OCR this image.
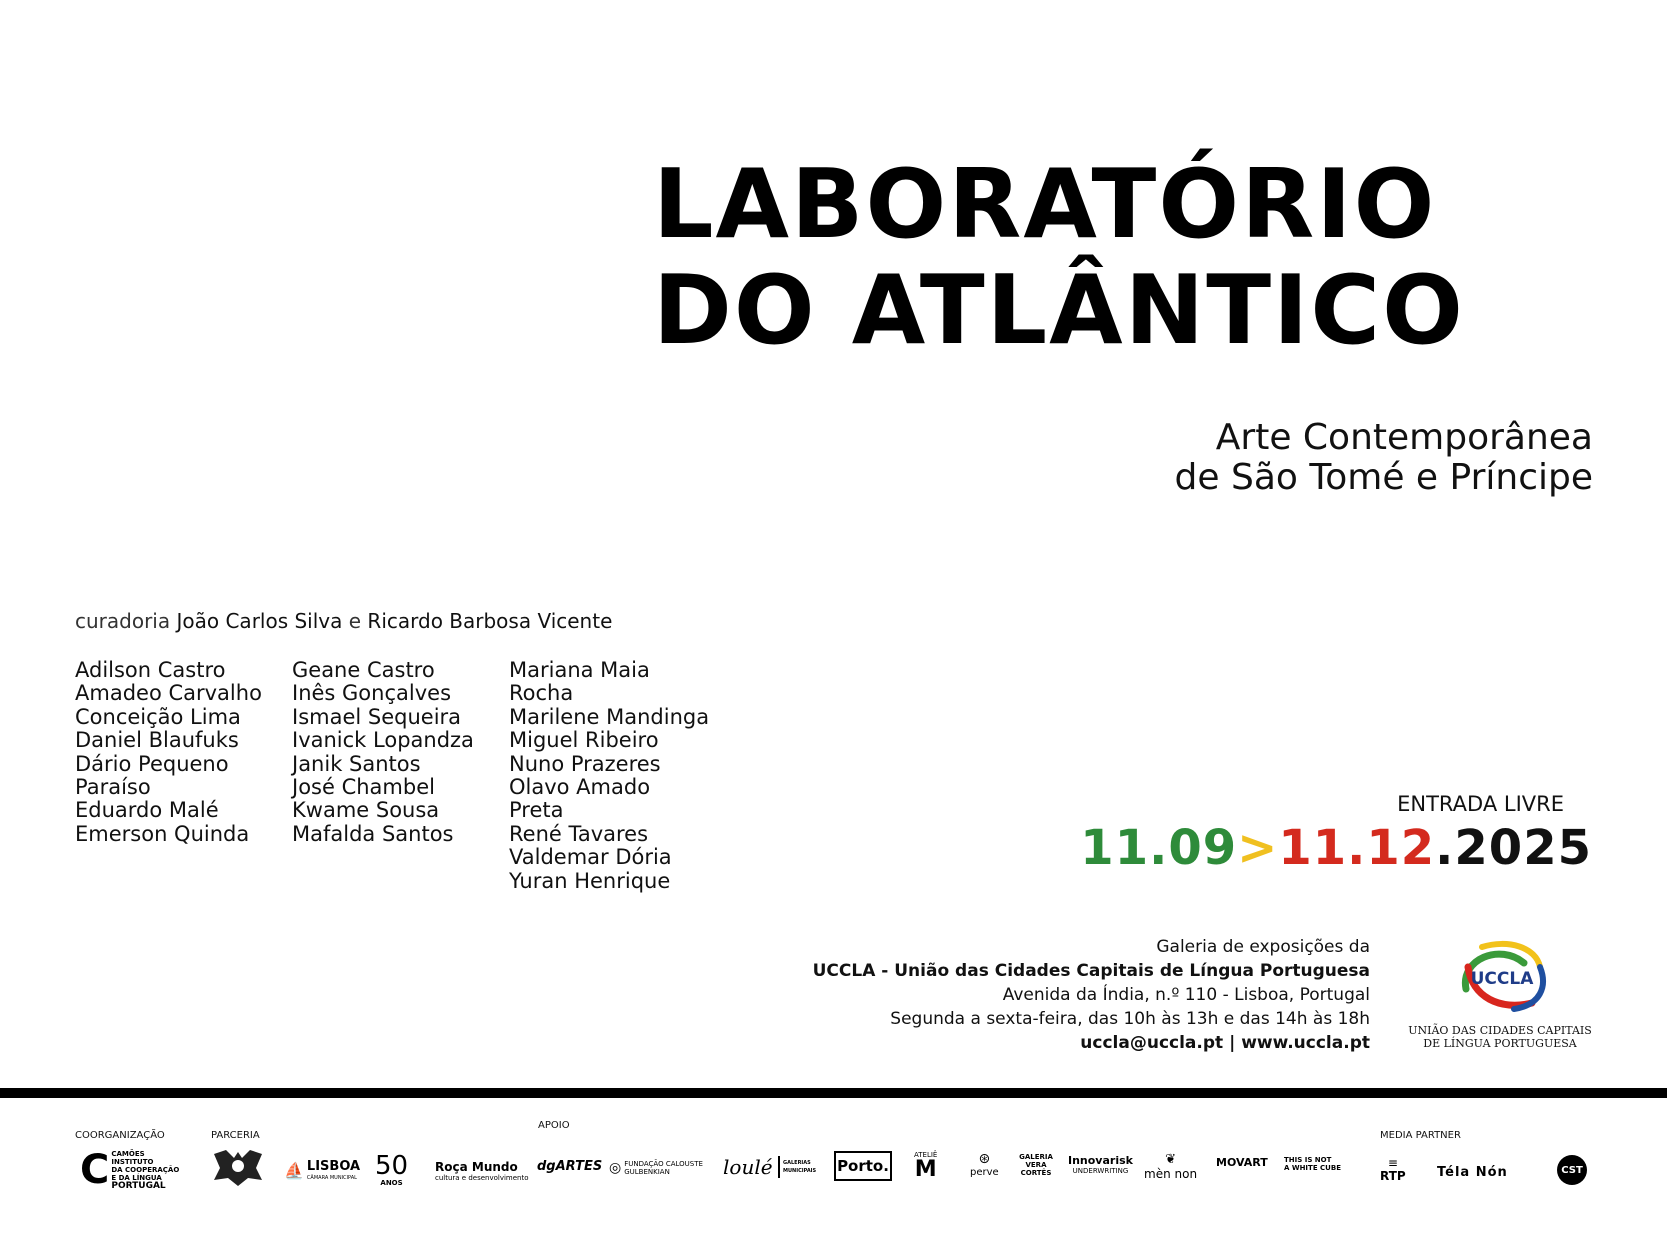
LABORATÓRIO
DO ATLÂNTICO
Arte Contemporânea
de São Tomé e Príncipe
curadoria João Carlos Silva e Ricardo Barbosa Vicente
Adilson Castro
Amadeo Carvalho
Conceição Lima
Daniel Blaufuks
Dário Pequeno
Paraíso
Eduardo Malé
Emerson Quinda
Geane Castro
Inês Gonçalves
Ismael Sequeira
Ivanick Lopandza
Janik Santos
José Chambel
Kwame Sousa
Mafalda Santos
Mariana Maia
Rocha
Marilene Mandinga
Miguel Ribeiro
Nuno Prazeres
Olavo Amado
Preta
René Tavares
Valdemar Dória
Yuran Henrique
ENTRADA LIVRE
11.09>11.12.2025
Galeria de exposições da
UCCLA - União das Cidades Capitais de Língua Portuguesa
Avenida da Índia, n.º 110 - Lisboa, Portugal
Segunda a sexta-feira, das 10h às 13h e das 14h às 18h
uccla@uccla.pt | www.uccla.pt
UCCLA
UNIÃO DAS CIDADES CAPITAIS
DE LÍNGUA PORTUGUESA
COORGANIZAÇÃO
C CAMÕES
INSTITUTO
DA COOPERAÇÃO
E DA LÍNGUA
PORTUGAL
PARCERIA
⛵ LISBOA
CÂMARA MUNICIPAL 50
ANOS
Roça Mundo
cultura e desenvolvimento
APOIO
dgARTES ◎ FUNDAÇÃO CALOUSTE GULBENKIAN	loulé GALERIAS MUNICIPAIS Porto.
ATELIÊ
M	⊛
perve
GALERIA VERA CORTÊS
Innovarisk
UNDERWRITING
❦
mèn non
MOVART THIS IS NOT
A WHITE CUBE
MEDIA PARTNER
≡
RTP Téla Nón	CST
